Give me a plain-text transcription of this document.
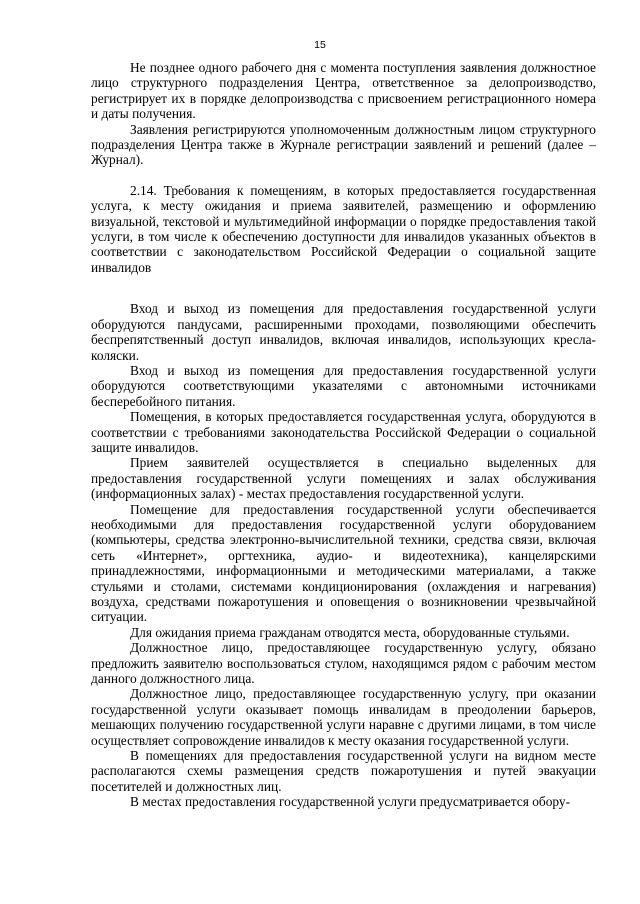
15

Не позднее одного рабочего дня с момента поступления заявления должностное лицо структурного подразделения Центра, ответственное за делопроизводство, регистрирует их в порядке делопроизводства с присвоением регистрационного номера и даты получения.

Заявления регистрируются уполномоченным должностным лицом структурного подразделения Центра также в Журнале регистрации заявлений и решений (далее – Журнал).

2.14. Требования к помещениям, в которых предоставляется государственная услуга, к месту ожидания и приема заявителей, размещению и оформлению визуальной, текстовой и мультимедийной информации о порядке предоставления такой услуги, в том числе к обеспечению доступности для инвалидов указанных объектов в соответствии с законодательством Российской Федерации о социальной защите инвалидов

Вход и выход из помещения для предоставления государственной услуги оборудуются пандусами, расширенными проходами, позволяющими обеспечить беспрепятственный доступ инвалидов, включая инвалидов, использующих кресла-коляски.

Вход и выход из помещения для предоставления государственной услуги оборудуются соответствующими указателями с автономными источниками бесперебойного питания.

Помещения, в которых предоставляется государственная услуга, оборудуются в соответствии с требованиями законодательства Российской Федерации о социальной защите инвалидов.

Прием заявителей осуществляется в специально выделенных для предоставления государственной услуги помещениях и залах обслуживания (информационных залах) - местах предоставления государственной услуги.

Помещение для предоставления государственной услуги обеспечивается необходимыми для предоставления государственной услуги оборудованием (компьютеры, средства электронно-вычислительной техники, средства связи, включая сеть «Интернет», оргтехника, аудио- и видеотехника), канцелярскими принадлежностями, информационными и методическими материалами, а также стульями и столами, системами кондиционирования (охлаждения и нагревания) воздуха, средствами пожаротушения и оповещения о возникновении чрезвычайной ситуации.

Для ожидания приема гражданам отводятся места, оборудованные стульями.

Должностное лицо, предоставляющее государственную услугу, обязано предложить заявителю воспользоваться стулом, находящимся рядом с рабочим местом данного должностного лица.

Должностное лицо, предоставляющее государственную услугу, при оказании государственной услуги оказывает помощь инвалидам в преодолении барьеров, мешающих получению государственной услуги наравне с другими лицами, в том числе осуществляет сопровождение инвалидов к месту оказания государственной услуги.

В помещениях для предоставления государственной услуги на видном месте располагаются схемы размещения средств пожаротушения и путей эвакуации посетителей и должностных лиц.

В местах предоставления государственной услуги предусматривается обору-
